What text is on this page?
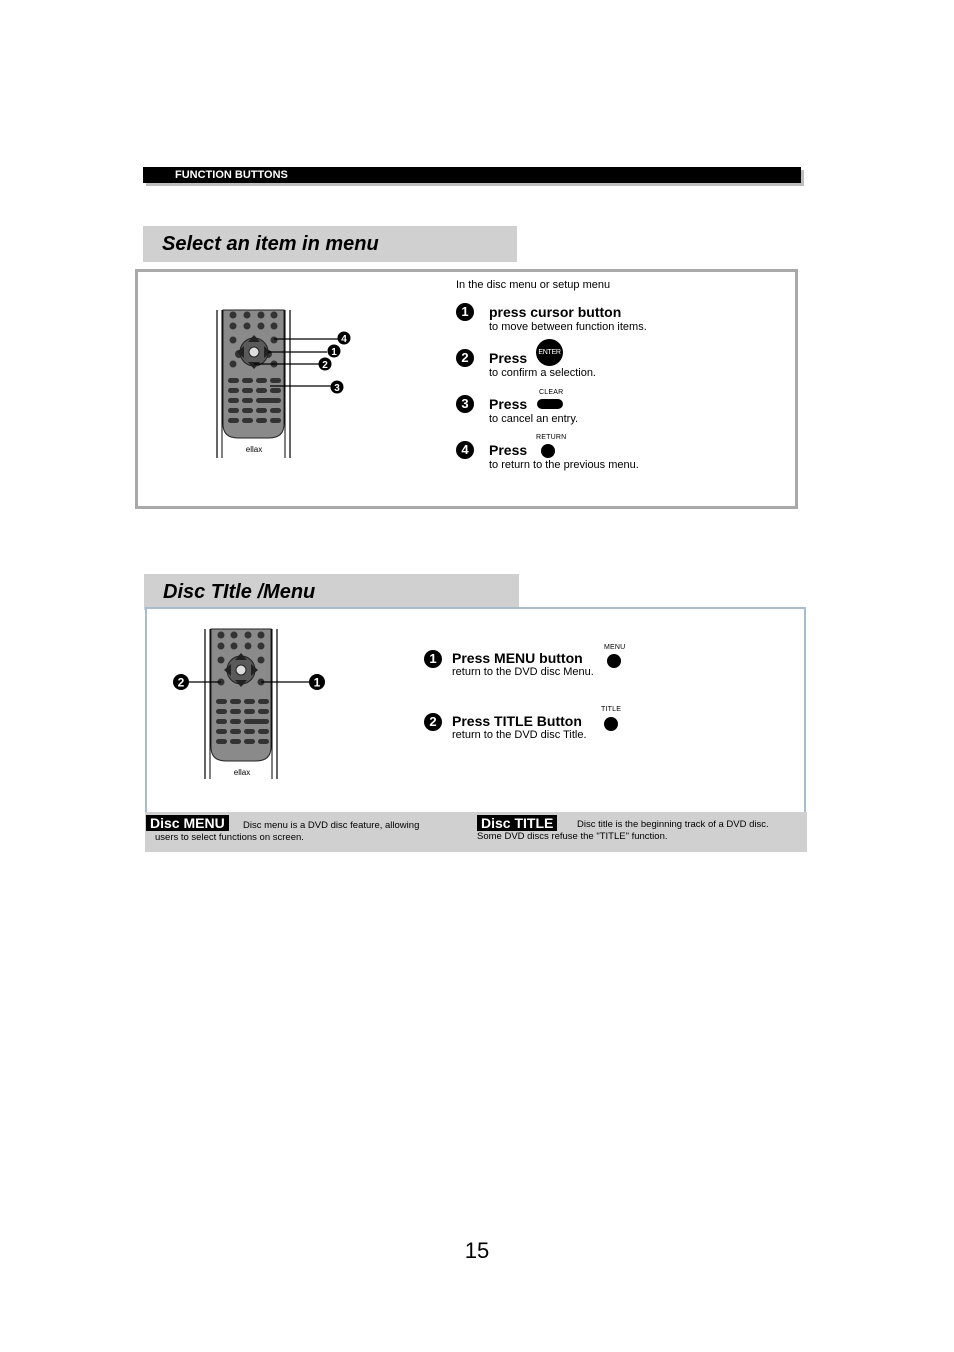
FUNCTION BUTTONS
Select an item in menu
4
1
2
3
ellax
In the disc menu or setup menu
1	press cursor button
to move between function items.
2	Press	ENTER
to confirm a selection.
3	Press
CLEAR
to cancel an entry.
4	Press
RETURN
to return to the previous menu.
Disc TItle /Menu
2	1
ellax
1	Press MENU button
MENU
return to the DVD disc Menu.
2	Press TITLE Button
TITLE
return to the DVD disc Title.
Disc MENU	Disc menu is a DVD disc feature, allowing
users to select functions on screen.
Disc TITLE	Disc title is the beginning track of a DVD disc.
Some DVD discs refuse the "TITLE" function.
15
